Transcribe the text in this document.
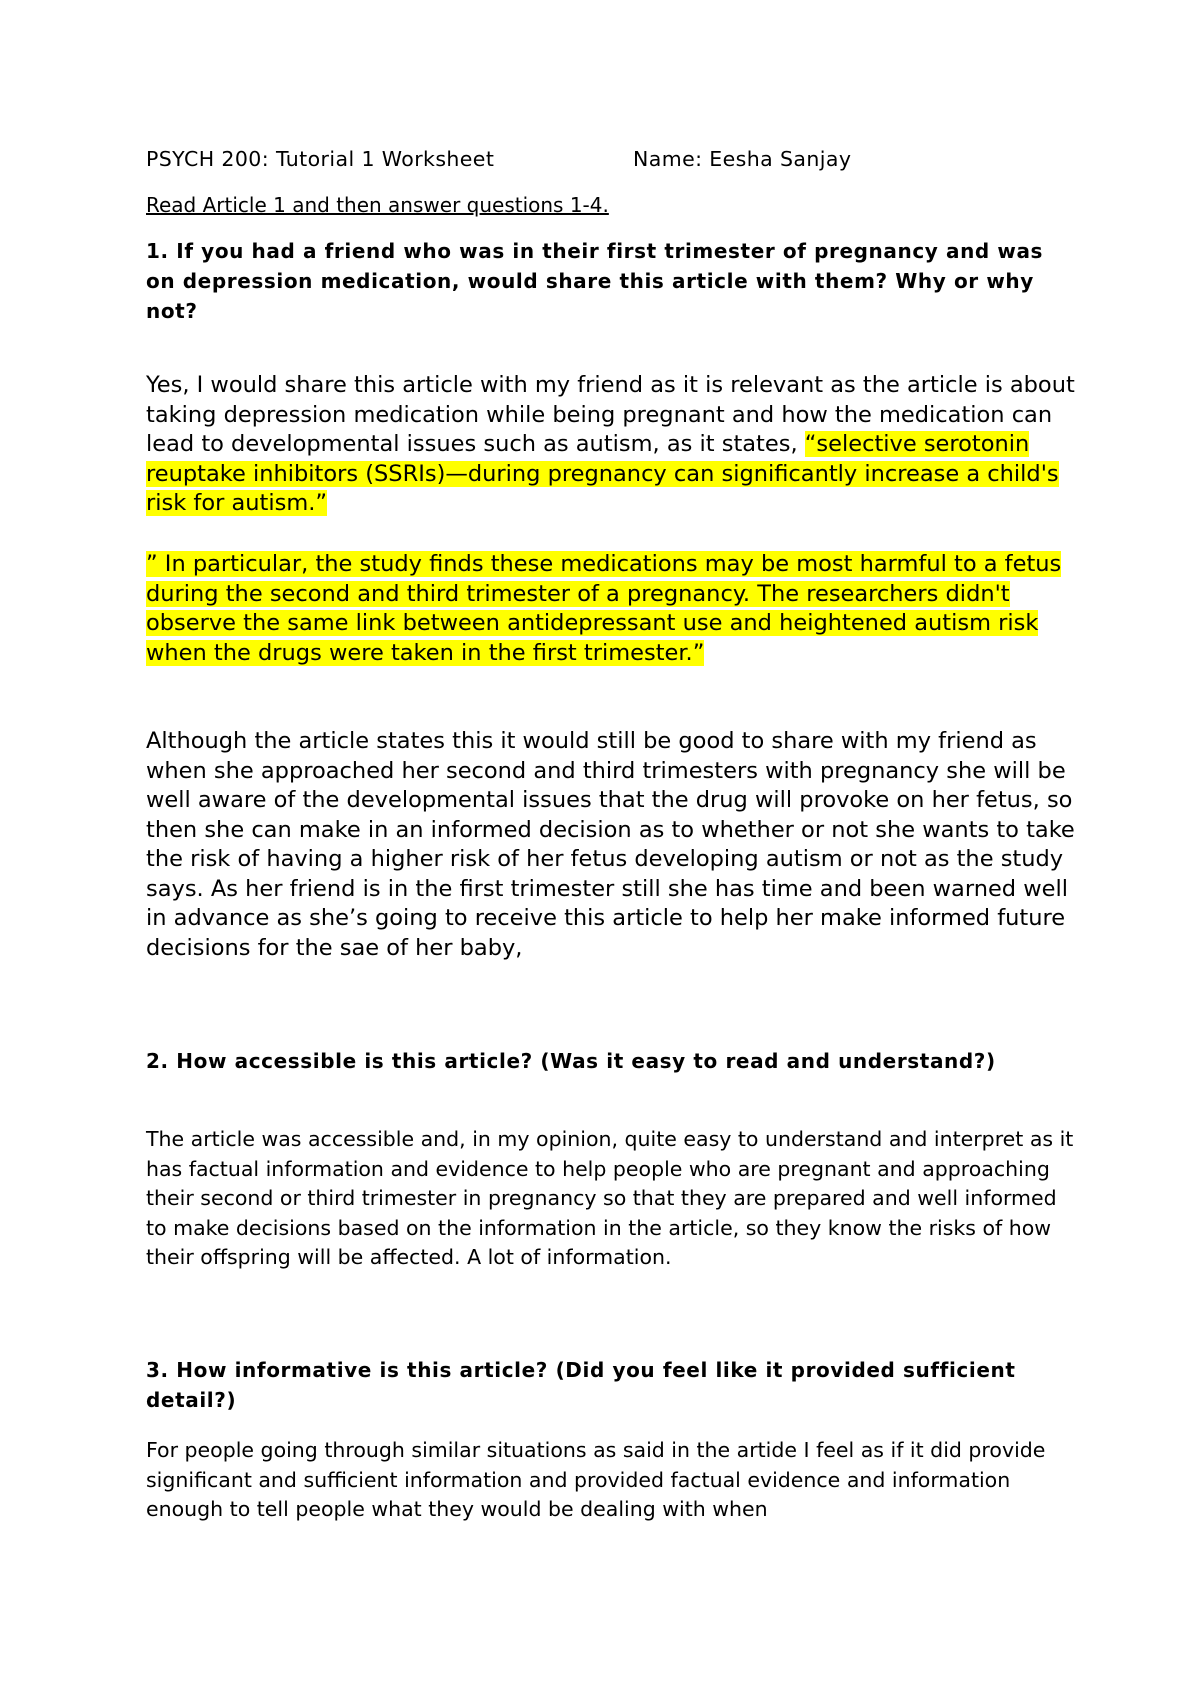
PSYCH 200: Tutorial 1 Worksheet	Name: Eesha Sanjay
Read Article 1 and then answer questions 1-4.
1. If you had a friend who was in their first trimester of pregnancy and was on depression medication, would share this article with them? Why or why not?
Yes, I would share this article with my friend as it is relevant as the article is about taking depression medication while being pregnant and how the medication can lead to developmental issues such as autism, as it states, “selective serotonin reuptake inhibitors (SSRIs)—during pregnancy can significantly increase a child's risk for autism.”
” In particular, the study finds these medications may be most harmful to a fetus during the second and third trimester of a pregnancy. The researchers didn't observe the same link between antidepressant use and heightened autism risk when the drugs were taken in the first trimester.”
Although the article states this it would still be good to share with my friend as when she approached her second and third trimesters with pregnancy she will be well aware of the developmental issues that the drug will provoke on her fetus, so then she can make in an informed decision as to whether or not she wants to take the risk of having a higher risk of her fetus developing autism or not as the study says. As her friend is in the first trimester still she has time and been warned well in advance as she’s going to receive this article to help her make informed future decisions for the sae of her baby,
2. How accessible is this article? (Was it easy to read and understand?)
The article was accessible and, in my opinion, quite easy to understand and interpret as it has factual information and evidence to help people who are pregnant and approaching their second or third trimester in pregnancy so that they are prepared and well informed to make decisions based on the information in the article, so they know the risks of how their offspring will be affected. A lot of information.
3. How informative is this article? (Did you feel like it provided sufficient detail?)
For people going through similar situations as said in the artide I feel as if it did provide significant and sufficient information and provided factual evidence and information enough to tell people what they would be dealing with when
